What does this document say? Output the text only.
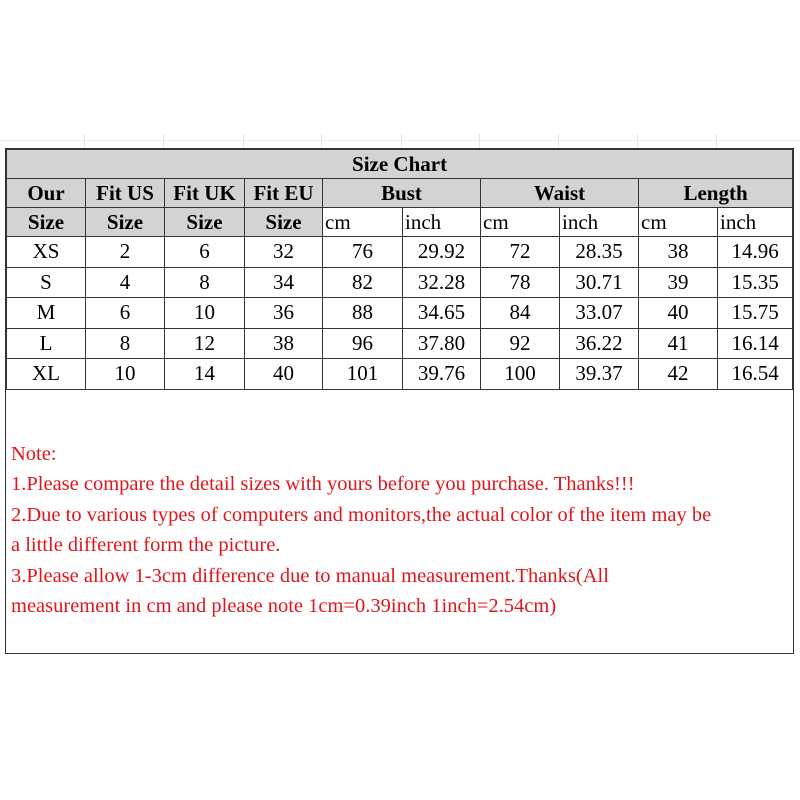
Size Chart									
Our	Fit US	Fit UK	Fit EU	Bust		Waist		Length	
Size	Size	Size	Size	cm	inch	cm	inch	cm	inch
XS	2	6	32	76	29.92	72	28.35	38	14.96
S	4	8	34	82	32.28	78	30.71	39	15.35
M	6	10	36	88	34.65	84	33.07	40	15.75
L	8	12	38	96	37.80	92	36.22	41	16.14
XL	10	14	40	101	39.76	100	39.37	42	16.54
Note:
1.Please compare the detail sizes with yours before you purchase. Thanks!!!
2.Due to various types of computers and monitors,the actual color of the item may be
a little different form the picture.
3.Please allow 1-3cm difference due to manual measurement.Thanks(All
measurement in cm and please note 1cm=0.39inch 1inch=2.54cm)
